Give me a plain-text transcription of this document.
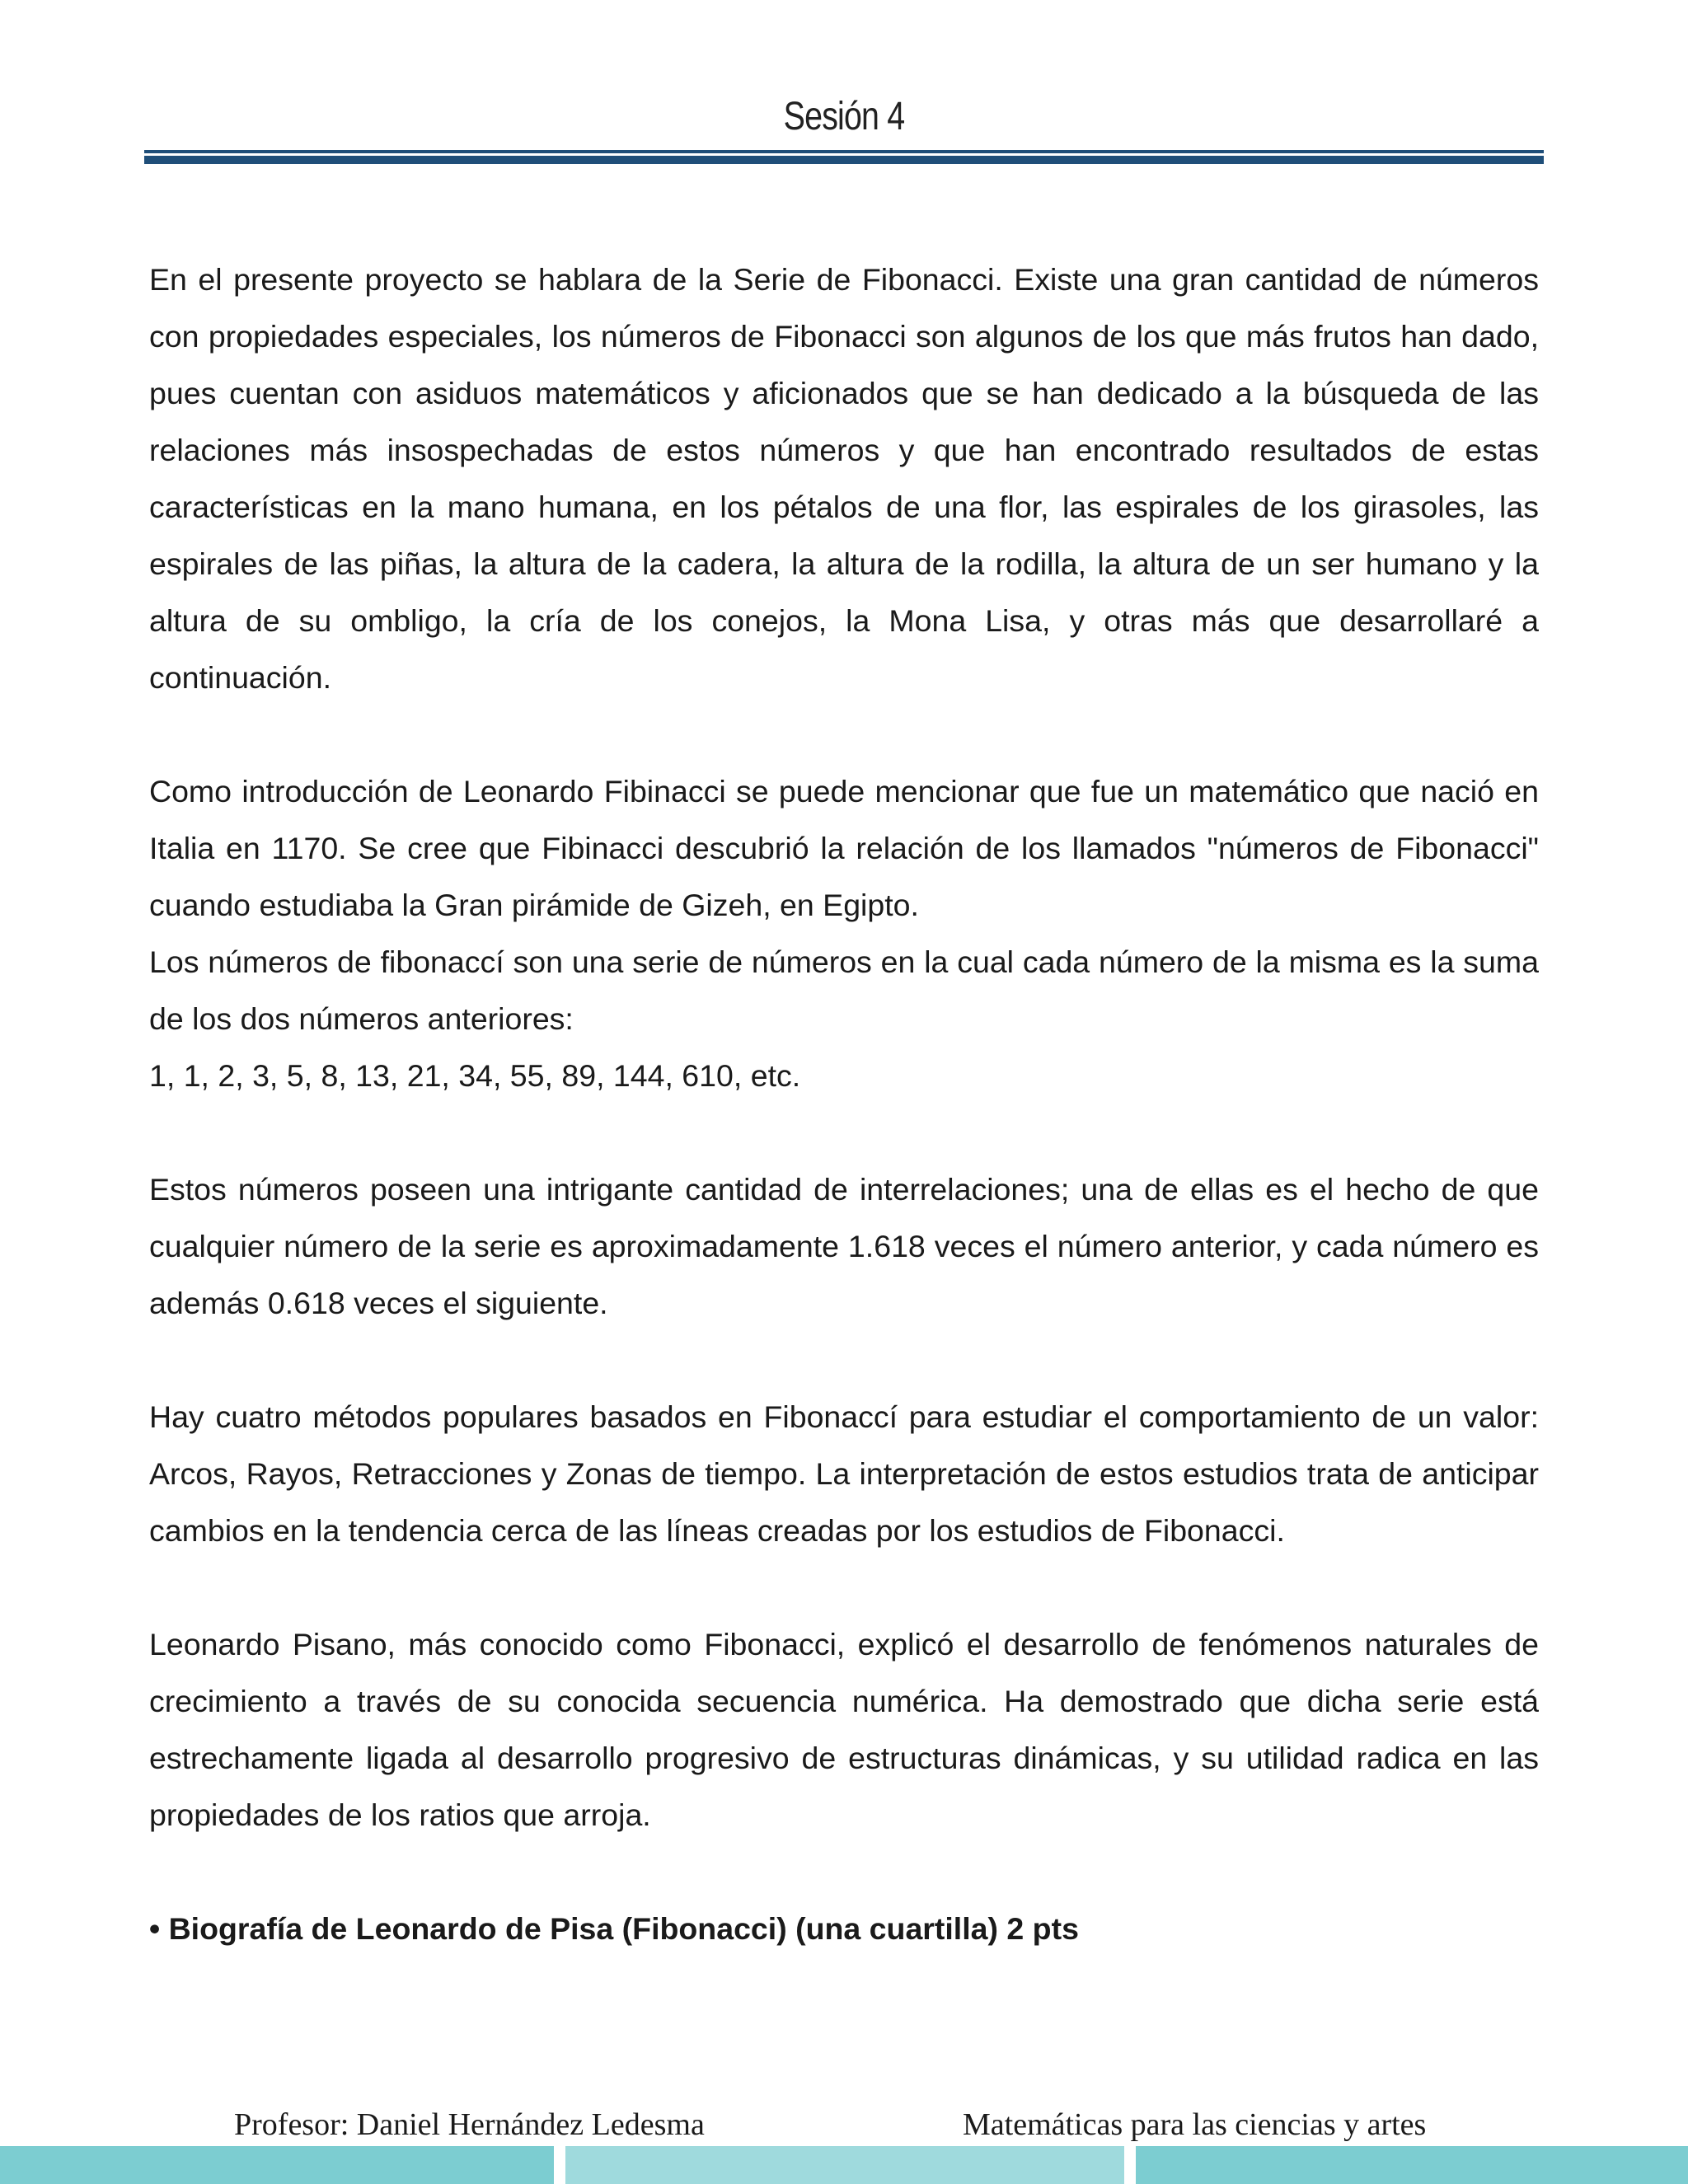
Sesión 4

En el presente proyecto se hablara de la Serie de Fibonacci. Existe una gran cantidad de números con propiedades especiales, los números de Fibonacci son algunos de los que más frutos han dado, pues cuentan con asiduos matemáticos y aficionados que se han dedicado a la búsqueda de las relaciones más insospechadas de estos números y que han encontrado resultados de estas características en la mano humana, en los pétalos de una flor, las espirales de los girasoles, las espirales de las piñas, la altura de la cadera, la altura de la rodilla, la altura de un ser humano y la altura de su ombligo, la cría de los conejos, la Mona Lisa, y otras más que desarrollaré a continuación.

Como introducción de Leonardo Fibinacci se puede mencionar que fue un matemático que nació en Italia en 1170. Se cree que Fibinacci descubrió la relación de los llamados "números de Fibonacci" cuando estudiaba la Gran pirámide de Gizeh, en Egipto.

Los números de fibonaccí son una serie de números en la cual cada número de la misma es la suma de los dos números anteriores:

1, 1, 2, 3, 5, 8, 13, 21, 34, 55, 89, 144, 610, etc.

Estos números poseen una intrigante cantidad de interrelaciones; una de ellas es el hecho de que cualquier número de la serie es aproximadamente 1.618 veces el número anterior, y cada número es además 0.618 veces el siguiente.

Hay cuatro métodos populares basados en Fibonaccí para estudiar el comportamiento de un valor: Arcos, Rayos, Retracciones y Zonas de tiempo. La interpretación de estos estudios trata de anticipar cambios en la tendencia cerca de las líneas creadas por los estudios de Fibonacci.

Leonardo Pisano, más conocido como Fibonacci, explicó el desarrollo de fenómenos naturales de crecimiento a través de su conocida secuencia numérica. Ha demostrado que dicha serie está estrechamente ligada al desarrollo progresivo de estructuras dinámicas, y su utilidad radica en las propiedades de los ratios que arroja.

• Biografía de Leonardo de Pisa (Fibonacci) (una cuartilla) 2 pts

Profesor: Daniel Hernández Ledesma	Matemáticas para las ciencias y artes
